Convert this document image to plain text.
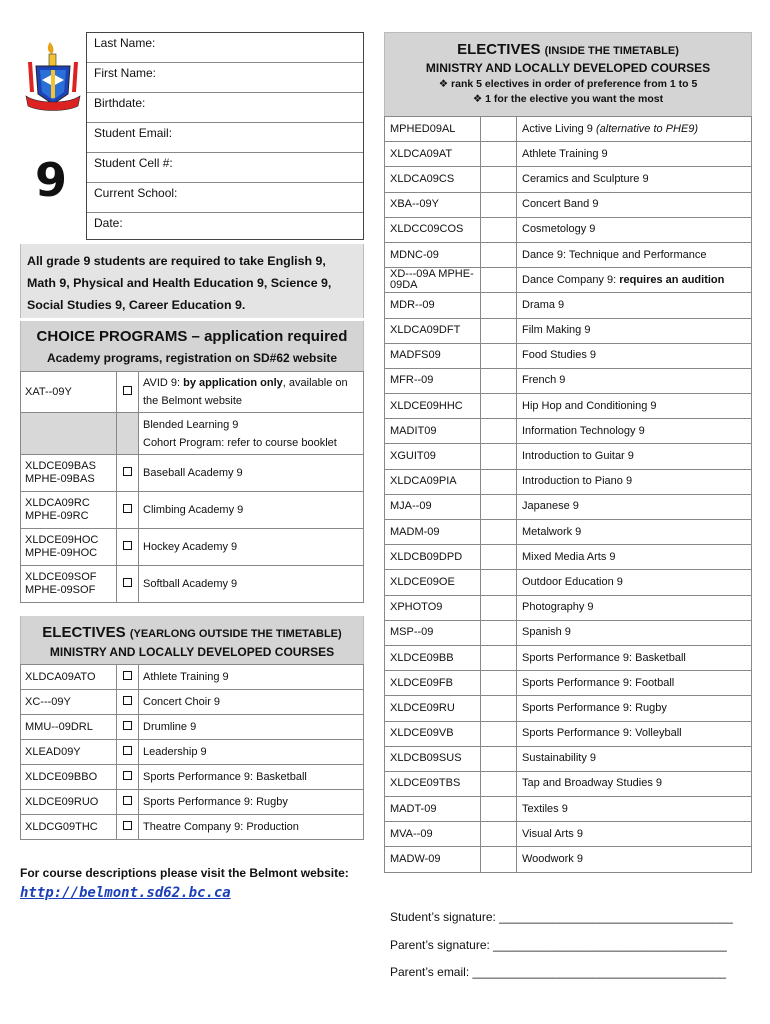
9
Last Name:
First Name:
Birthdate:
Student Email:
Student Cell #:
Current School:
Date:
All grade 9 students are required to take English 9, Math 9, Physical and Health Education 9, Science 9, Social Studies 9, Career Education 9.
CHOICE PROGRAMS – application required
Academy programs, registration on SD#62 website
XAT--09Y		AVID 9: by application only, available on the Belmont website

		Blended Learning 9
Cohort Program: refer to course booklet

XLDCE09BAS
MPHE-09BAS		Baseball Academy 9

XLDCA09RC
MPHE-09RC		Climbing Academy 9

XLDCE09HOC
MPHE-09HOC		Hockey Academy 9

XLDCE09SOF
MPHE-09SOF		Softball Academy 9
ELECTIVES (YEARLONG OUTSIDE THE TIMETABLE)
MINISTRY AND LOCALLY DEVELOPED COURSES
XLDCA09ATO		Athlete Training 9
XC---09Y		Concert Choir 9
MMU--09DRL		Drumline 9
XLEAD09Y		Leadership 9
XLDCE09BBO		Sports Performance 9: Basketball
XLDCE09RUO		Sports Performance 9: Rugby
XLDCG09THC		Theatre Company 9: Production
For course descriptions please visit the Belmont website:
http://belmont.sd62.bc.ca
ELECTIVES (INSIDE THE TIMETABLE)
MINISTRY AND LOCALLY DEVELOPED COURSES
❖ rank 5 electives in order of preference from 1 to 5
❖ 1 for the elective you want the most
MPHED09AL		Active Living 9 (alternative to PHE9)
XLDCA09AT		Athlete Training 9
XLDCA09CS		Ceramics and Sculpture 9
XBA--09Y		Concert Band 9
XLDCC09COS		Cosmetology 9
MDNC-09		Dance 9: Technique and Performance
XD---09A MPHE-09DA		Dance Company 9: requires an audition
MDR--09		Drama 9
XLDCA09DFT		Film Making 9
MADFS09		Food Studies 9
MFR--09		French 9
XLDCE09HHC		Hip Hop and Conditioning 9
MADIT09		Information Technology 9
XGUIT09		Introduction to Guitar 9
XLDCA09PIA		Introduction to Piano 9
MJA--09		Japanese 9
MADM-09		Metalwork 9
XLDCB09DPD		Mixed Media Arts 9
XLDCE09OE		Outdoor Education 9
XPHOTO9		Photography 9
MSP--09		Spanish 9
XLDCE09BB		Sports Performance 9: Basketball
XLDCE09FB		Sports Performance 9: Football
XLDCE09RU		Sports Performance 9: Rugby
XLDCE09VB		Sports Performance 9: Volleyball
XLDCB09SUS		Sustainability 9
XLDCE09TBS		Tap and Broadway Studies 9
MADT-09		Textiles 9
MVA--09		Visual Arts 9
MADW-09		Woodwork 9
Student’s signature: ___________________________________
Parent’s signature: ___________________________________
Parent’s email: ______________________________________
